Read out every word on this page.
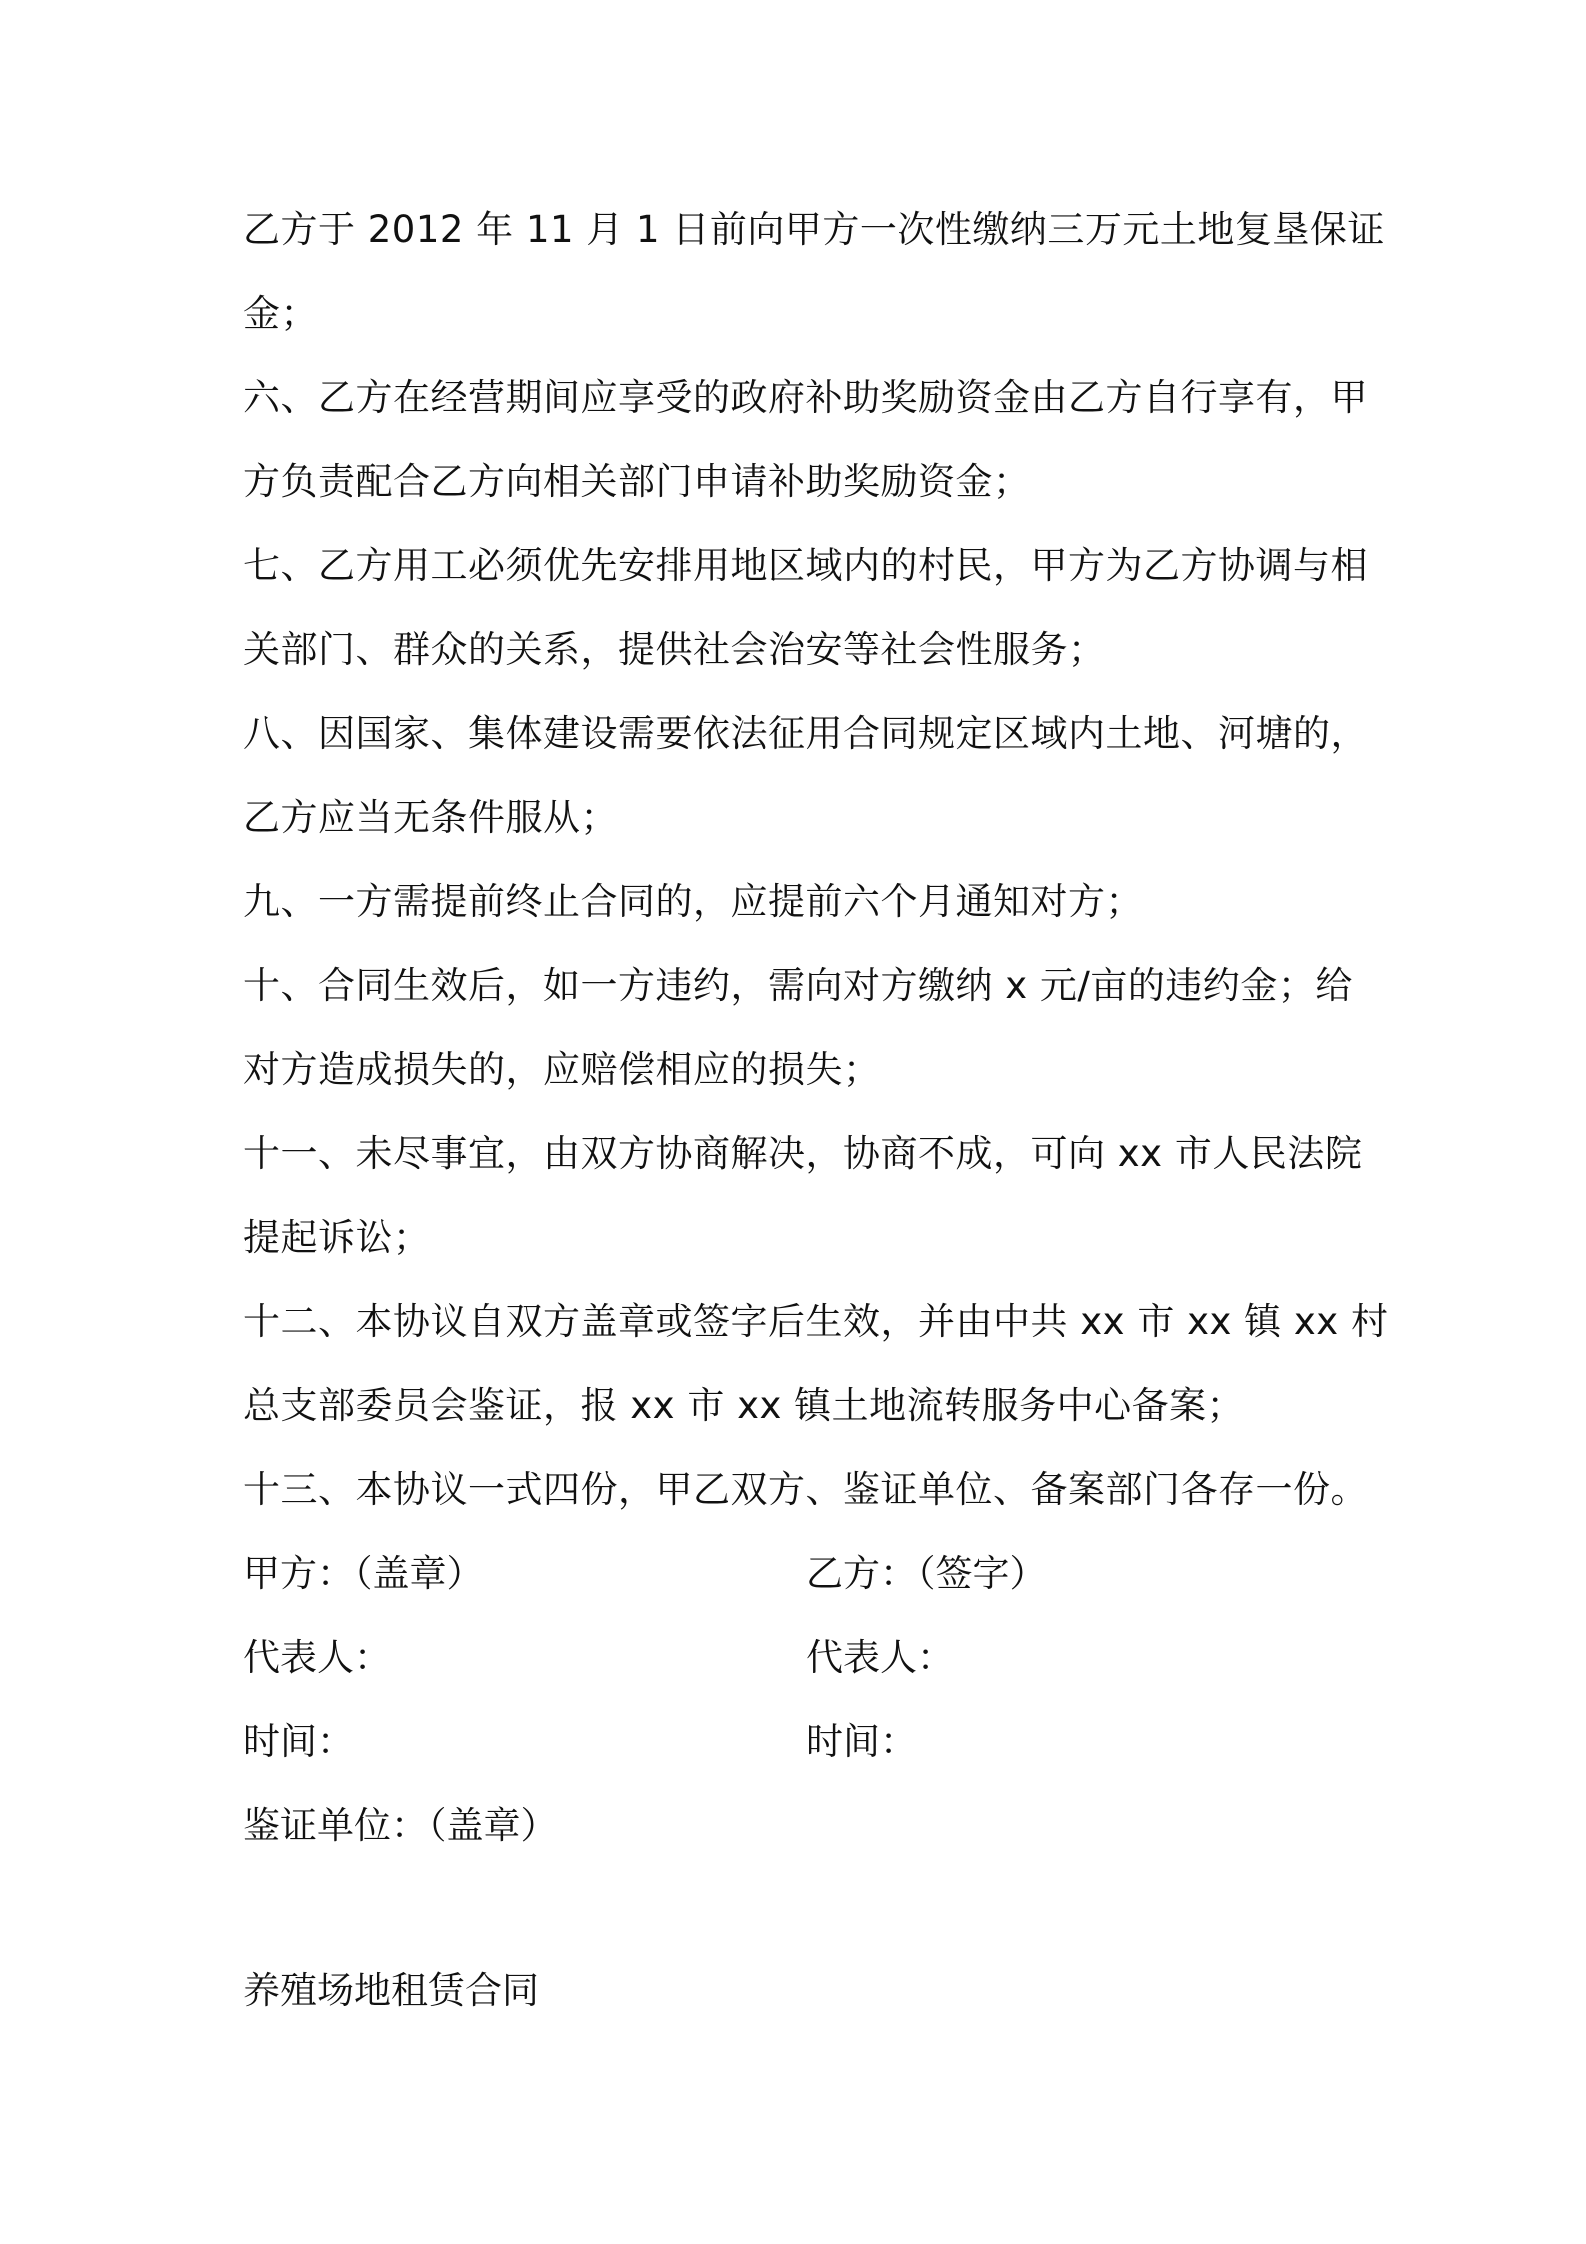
乙方于 2012 年 11 月 1 日前向甲方一次性缴纳三万元土地复垦保证
金；
六、乙方在经营期间应享受的政府补助奖励资金由乙方自行享有，甲
方负责配合乙方向相关部门申请补助奖励资金；
七、乙方用工必须优先安排用地区域内的村民，甲方为乙方协调与相
关部门、群众的关系，提供社会治安等社会性服务；
八、因国家、集体建设需要依法征用合同规定区域内土地、河塘的，
乙方应当无条件服从；
九、一方需提前终止合同的，应提前六个月通知对方；
十、合同生效后，如一方违约，需向对方缴纳 x 元/亩的违约金；给
对方造成损失的，应赔偿相应的损失；
十一、未尽事宜，由双方协商解决，协商不成，可向 xx 市人民法院
提起诉讼；
十二、本协议自双方盖章或签字后生效，并由中共 xx 市 xx 镇 xx 村
总支部委员会鉴证，报 xx 市 xx 镇土地流转服务中心备案；
十三、本协议一式四份，甲乙双方、鉴证单位、备案部门各存一份。
甲方：（盖章）	乙方：（签字）
代表人：	代表人：
时间：	时间：
鉴证单位：（盖章）
养殖场地租赁合同
